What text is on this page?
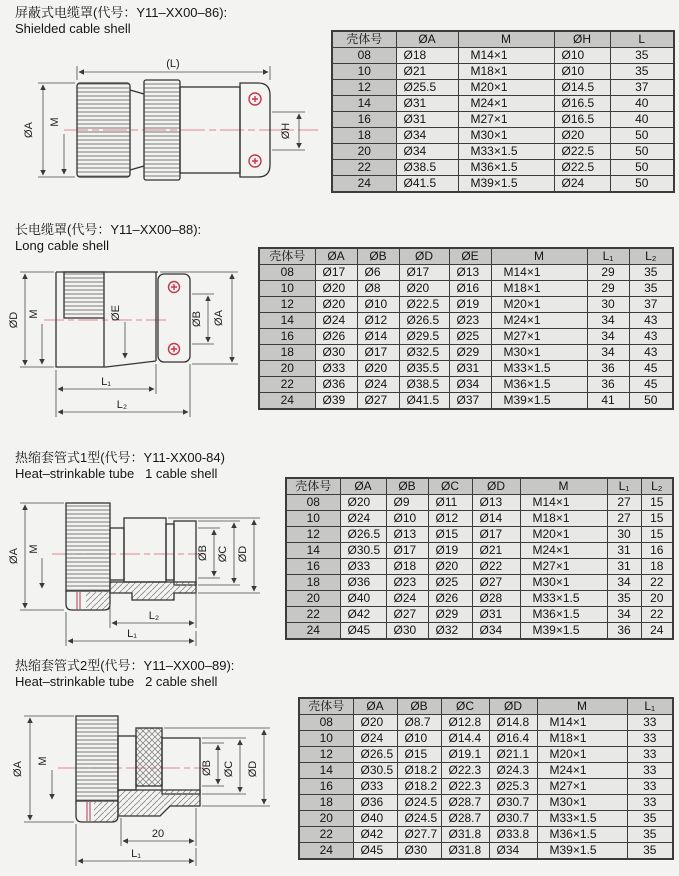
屏蔽式电缆罩(代号：Y11–XX00–86):
Shielded cable shell
(L)
ØA
M
ØH
壳体号	ØA	M	ØH	L
08	Ø18	M14×1	Ø10	35
10	Ø21	M18×1	Ø10	35
12	Ø25.5	M20×1	Ø14.5	37
14	Ø31	M24×1	Ø16.5	40
16	Ø31	M27×1	Ø16.5	40
18	Ø34	M30×1	Ø20	50
20	Ø34	M33×1.5	Ø22.5	50
22	Ø38.5	M36×1.5	Ø22.5	50
24	Ø41.5	M39×1.5	Ø24	50
长电缆罩(代号：Y11–XX00–88):
Long cable shell
ØD M	ØE	ØB ØA
L₁
L₂
壳体号	ØA	ØB	ØD	ØE	M	L₁	L₂
08	Ø17	Ø6	Ø17	Ø13	M14×1	29	35
10	Ø20	Ø8	Ø20	Ø16	M18×1	29	35
12	Ø20	Ø10	Ø22.5	Ø19	M20×1	30	37
14	Ø24	Ø12	Ø26.5	Ø23	M24×1	34	43
16	Ø26	Ø14	Ø29.5	Ø25	M27×1	34	43
18	Ø30	Ø17	Ø32.5	Ø29	M30×1	34	43
20	Ø33	Ø20	Ø35.5	Ø31	M33×1.5	36	45
22	Ø36	Ø24	Ø38.5	Ø34	M36×1.5	36	45
24	Ø39	Ø27	Ø41.5	Ø37	M39×1.5	41	50
热缩套管式1型(代号：Y11-XX00-84)
Heat–strinkable tube   1 cable shell
ØA M	ØB ØC ØD
L₂
L₁
壳体号	ØA	ØB	ØC	ØD	M	L₁	L₂
08	Ø20	Ø9	Ø11	Ø13	M14×1	27	15
10	Ø24	Ø10	Ø12	Ø14	M18×1	27	15
12	Ø26.5	Ø13	Ø15	Ø17	M20×1	30	15
14	Ø30.5	Ø17	Ø19	Ø21	M24×1	31	16
16	Ø33	Ø18	Ø20	Ø22	M27×1	31	18
18	Ø36	Ø23	Ø25	Ø27	M30×1	34	22
20	Ø40	Ø24	Ø26	Ø28	M33×1.5	35	20
22	Ø42	Ø27	Ø29	Ø31	M36×1.5	34	22
24	Ø45	Ø30	Ø32	Ø34	M39×1.5	36	24
热缩套管式2型(代号：Y11–XX00–89):
Heat–strinkable tube   2 cable shell
ØA
M	ØB ØC ØD
20
L₁
壳体号	ØA	ØB	ØC	ØD	M	L₁
08	Ø20	Ø8.7	Ø12.8	Ø14.8	M14×1	33
10	Ø24	Ø10	Ø14.4	Ø16.4	M18×1	33
12	Ø26.5	Ø15	Ø19.1	Ø21.1	M20×1	33
14	Ø30.5	Ø18.2	Ø22.3	Ø24.3	M24×1	33
16	Ø33	Ø18.2	Ø22.3	Ø25.3	M27×1	33
18	Ø36	Ø24.5	Ø28.7	Ø30.7	M30×1	33
20	Ø40	Ø24.5	Ø28.7	Ø30.7	M33×1.5	35
22	Ø42	Ø27.7	Ø31.8	Ø33.8	M36×1.5	35
24	Ø45	Ø30	Ø31.8	Ø34	M39×1.5	35
